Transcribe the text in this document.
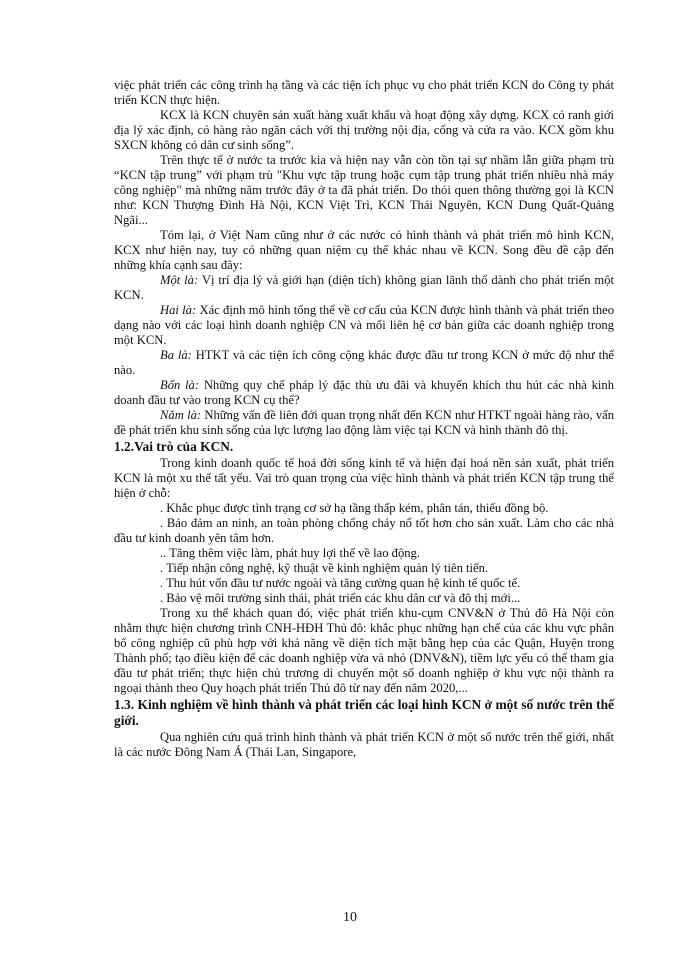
việc phát triển các công trình hạ tầng và các tiện ích phục vụ cho phát triển KCN do Công ty phát triển KCN thực hiện.

KCX là KCN chuyên sản xuất hàng xuất khẩu và hoạt động xây dựng. KCX có ranh giới địa lý xác định, có hàng rào ngăn cách với thị trường nội địa, cổng và cửa ra vào. KCX gồm khu SXCN không có dân cư sinh sống”.

Trên thực tế ở nước ta trước kia và hiện nay vẫn còn tồn tại sự nhầm lẫn giữa phạm trù “KCN tập trung” với phạm trù "Khu vực tập trung hoặc cụm tập trung phát triển nhiều nhà máy công nghiệp" mà những năm trước đây ở ta đã phát triển. Do thói quen thông thường gọi là KCN như: KCN Thượng Đình Hà Nội, KCN Việt Trì, KCN Thái Nguyên, KCN Dung Quất-Quảng Ngãi...

Tóm lại, ở Việt Nam cũng như ở các nước có hình thành và phát triển mô hình KCN, KCX như hiện nay, tuy có những quan niệm cụ thể khác nhau về KCN. Song đều đề cập đến những khía cạnh sau đây:

Một là: Vị trí địa lý và giới hạn (diện tích) không gian lãnh thổ dành cho phát triển một KCN.

Hai là: Xác định mô hình tổng thể về cơ cấu của KCN được hình thành và phát triển theo dạng nào với các loại hình doanh nghiệp CN và mối liên hệ cơ bản giữa các doanh nghiệp trong một KCN.

Ba là: HTKT và các tiện ích công cộng khác được đầu tư trong KCN ở mức độ như thế nào.

Bốn là: Những quy chế pháp lý đặc thù ưu đãi và khuyến khích thu hút các nhà kinh doanh đầu tư vào trong KCN cụ thể?

Năm là: Những vấn đề liên đới quan trọng nhất đến KCN như HTKT ngoài hàng rào, vấn đề phát triển khu sinh sống của lực lượng lao động làm việc tại KCN và hình thành đô thị.

1.2.Vai trò của KCN.

Trong kinh doanh quốc tế hoá đời sống kinh tế và hiện đại hoá nền sản xuất, phát triển KCN là một xu thế tất yếu. Vai trò quan trọng của việc hình thành và phát triển KCN tập trung thể hiện ở chỗ:

. Khắc phục được tình trạng cơ sở hạ tầng thấp kém, phân tán, thiếu đồng bộ.

. Bảo đảm an ninh, an toàn phòng chống cháy nổ tốt hơn cho sản xuất. Làm cho các nhà đầu tư kinh doanh yên tâm hơn.

.. Tăng thêm việc làm, phát huy lợi thế về lao động.

. Tiếp nhận công nghệ, kỹ thuật về kinh nghiệm quản lý tiên tiến.

. Thu hút vốn đầu tư nước ngoài và tăng cường quan hệ kinh tế quốc tế.

. Bảo vệ môi trường sinh thái, phát triển các khu dân cư và đô thị mới...

Trong xu thế khách quan đó, việc phát triển khu-cụm CNV&N ở Thủ đô Hà Nội còn nhằm thực hiện chương trình CNH-HĐH Thủ đô: khắc phục những hạn chế của các khu vực phân bố công nghiệp cũ phù hợp với khả năng về diện tích mặt bằng hẹp của các Quận, Huyện trong Thành phố; tạo điều kiện để các doanh nghiệp vừa và nhỏ (DNV&N), tiềm lực yếu có thể tham gia đầu tư phát triển; thực hiện chủ trương di chuyển một số doanh nghiệp ở khu vực nội thành ra ngoại thành theo Quy hoạch phát triển Thủ đô từ nay đến năm 2020,...

1.3. Kinh nghiệm về hình thành và phát triển các loại hình KCN ở một số nước trên thế giới.

Qua nghiên cứu quá trình hình thành và phát triển KCN ở một số nước trên thế giới, nhất là các nước Đông Nam Á (Thái Lan, Singapore,

10
